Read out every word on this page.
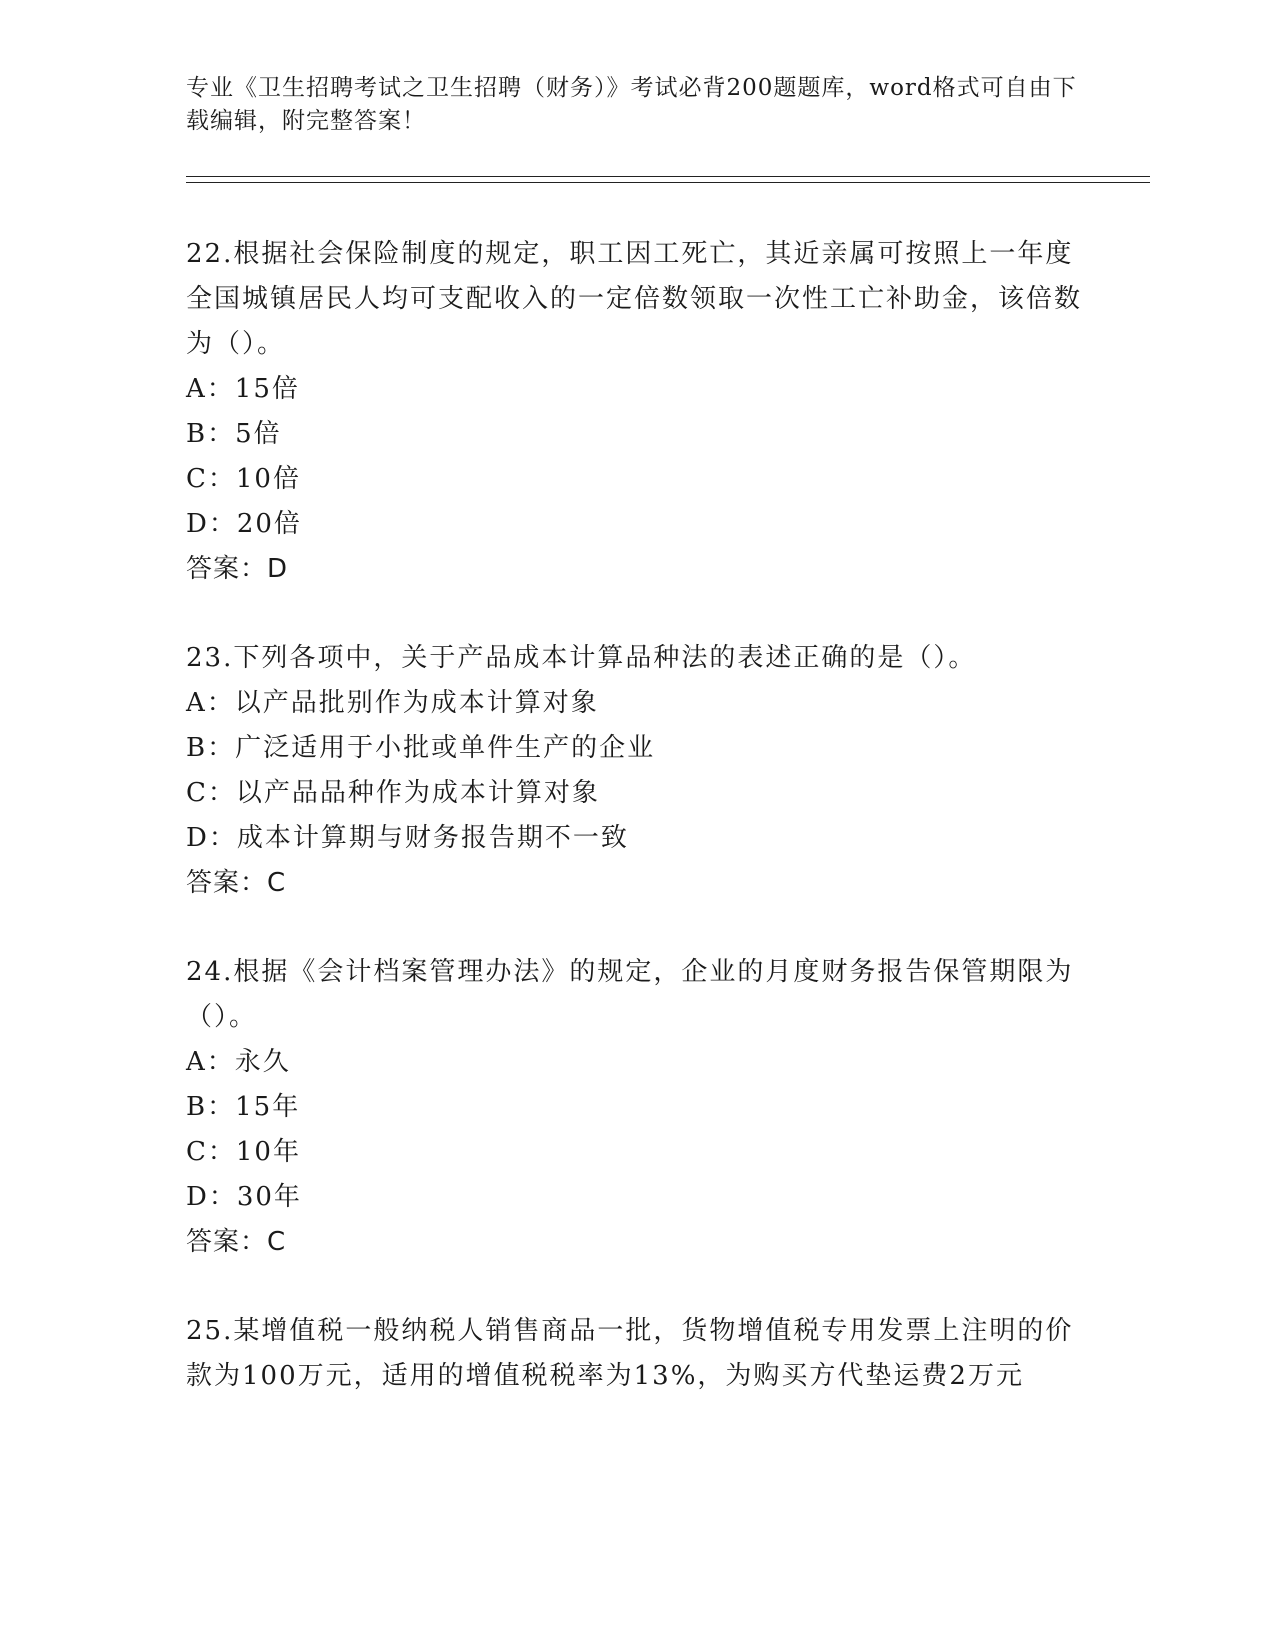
专业《卫生招聘考试之卫生招聘（财务）》考试必背200题题库，word格式可自由下载编辑，附完整答案！
22.根据社会保险制度的规定，职工因工死亡，其近亲属可按照上一年度全国城镇居民人均可支配收入的一定倍数领取一次性工亡补助金，该倍数为（）。
A：15倍
B：5倍
C：10倍
D：20倍
答案：D
23.下列各项中，关于产品成本计算品种法的表述正确的是（）。
A：以产品批别作为成本计算对象
B：广泛适用于小批或单件生产的企业
C：以产品品种作为成本计算对象
D：成本计算期与财务报告期不一致
答案：C
24.根据《会计档案管理办法》的规定，企业的月度财务报告保管期限为（）。
A：永久
B：15年
C：10年
D：30年
答案：C
25.某增值税一般纳税人销售商品一批，货物增值税专用发票上注明的价款为100万元，适用的增值税税率为13%，为购买方代垫运费2万元
